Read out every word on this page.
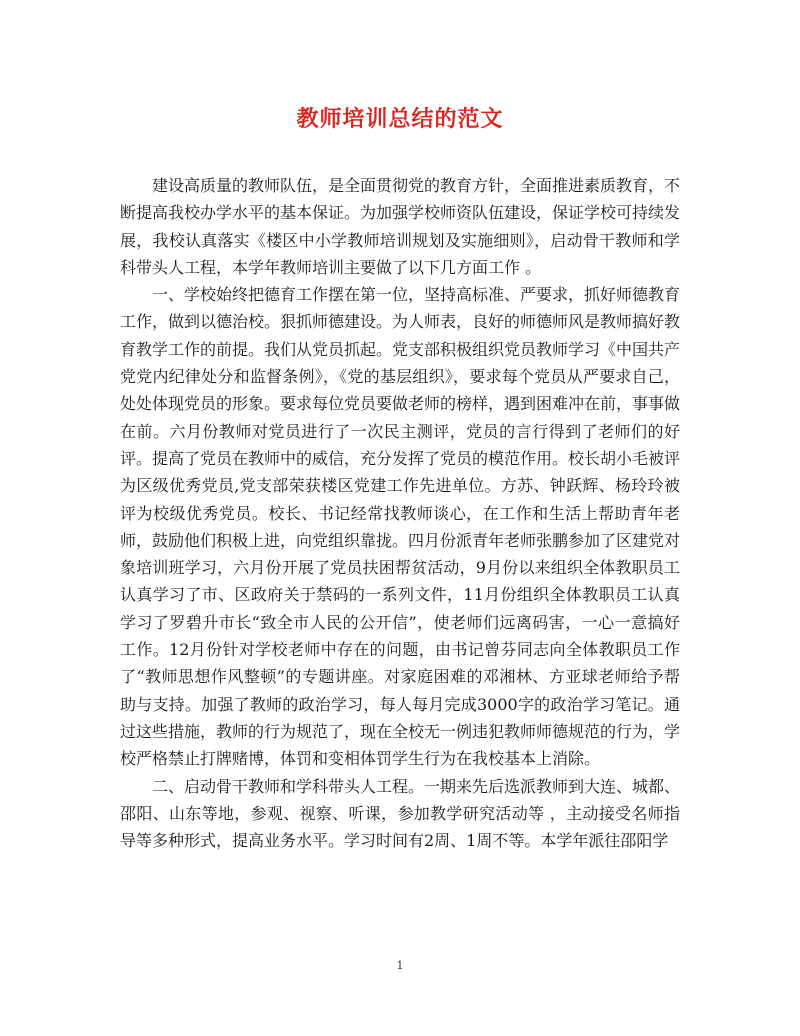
教师培训总结的范文

建设高质量的教师队伍，是全面贯彻党的教育方针，全面推进素质教育，不断提高我校办学水平的基本保证。为加强学校师资队伍建设，保证学校可持续发展，我校认真落实《楼区中小学教师培训规划及实施细则》，启动骨干教师和学科带头人工程，本学年教师培训主要做了以下几方面工作 。

一、学校始终把德育工作摆在第一位，坚持高标准、严要求，抓好师德教育工作，做到以德治校。狠抓师德建设。为人师表，良好的师德师风是教师搞好教育教学工作的前提。我们从党员抓起。党支部积极组织党员教师学习《中国共产党党内纪律处分和监督条例》，《党的基层组织》，要求每个党员从严要求自己，处处体现党员的形象。要求每位党员要做老师的榜样，遇到困难冲在前，事事做在前。六月份教师对党员进行了一次民主测评，党员的言行得到了老师们的好评。提高了党员在教师中的威信，充分发挥了党员的模范作用。校长胡小毛被评为区级优秀党员,党支部荣获楼区党建工作先进单位。方苏、钟跃辉、杨玲玲被评为校级优秀党员。校长、书记经常找教师谈心，在工作和生活上帮助青年老师，鼓励他们积极上进，向党组织靠拢。四月份派青年老师张鹏参加了区建党对象培训班学习，六月份开展了党员扶困帮贫活动，9月份以来组织全体教职员工认真学习了市、区政府关于禁码的一系列文件，11月份组织全体教职员工认真学习了罗碧升市长“致全市人民的公开信”，使老师们远离码害，一心一意搞好工作。12月份针对学校老师中存在的问题，由书记曾芬同志向全体教职员工作了“教师思想作风整顿”的专题讲座。对家庭困难的邓湘林、方亚球老师给予帮助与支持。加强了教师的政治学习，每人每月完成3000字的政治学习笔记。通过这些措施，教师的行为规范了，现在全校无一例违犯教师师德规范的行为，学校严格禁止打牌赌博，体罚和变相体罚学生行为在我校基本上消除。

二、启动骨干教师和学科带头人工程。一期来先后选派教师到大连、城都、邵阳、山东等地，参观、视察、听课，参加教学研究活动等 ，主动接受名师指导等多种形式，提高业务水平。学习时间有2周、1周不等。本学年派往邵阳学

1
